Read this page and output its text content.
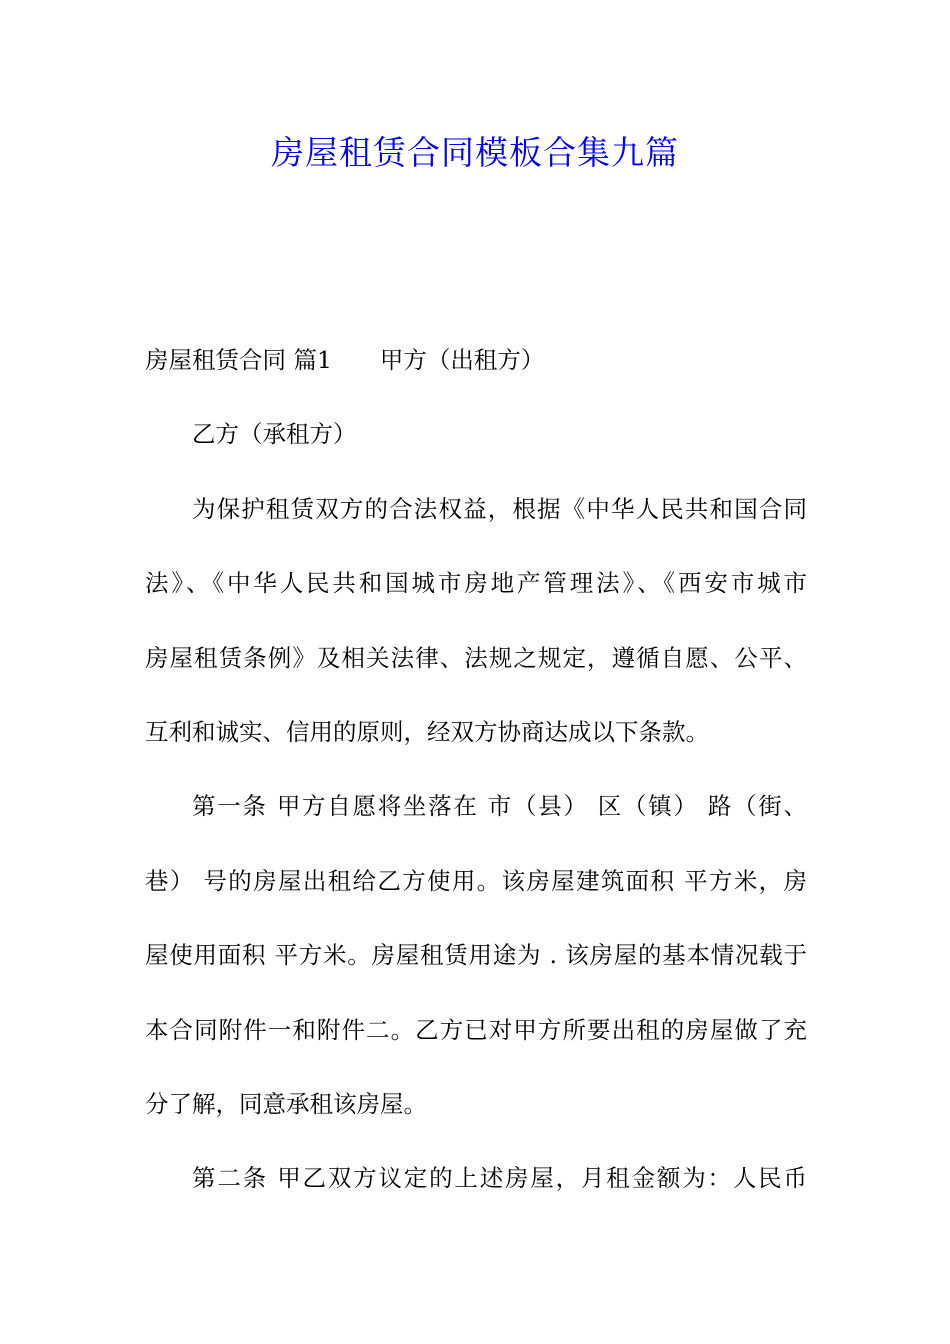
房屋租赁合同模板合集九篇
房屋租赁合同 篇1 甲方（出租方）
乙方（承租方）
为保护租赁双方的合法权益，根据《中华人民共和国合同
法》、《中华人民共和国城市房地产管理法》、《西安市城市
房屋租赁条例》及相关法律、法规之规定，遵循自愿、公平、
互利和诚实、信用的原则，经双方协商达成以下条款。
第一条 甲方自愿将坐落在 市（县） 区（镇） 路（街、
巷） 号的房屋出租给乙方使用。该房屋建筑面积 平方米，房
屋使用面积 平方米。房屋租赁用途为 . 该房屋的基本情况载于
本合同附件一和附件二。乙方已对甲方所要出租的房屋做了充
分了解，同意承租该房屋。
第二条 甲乙双方议定的上述房屋，月租金额为：人民币
